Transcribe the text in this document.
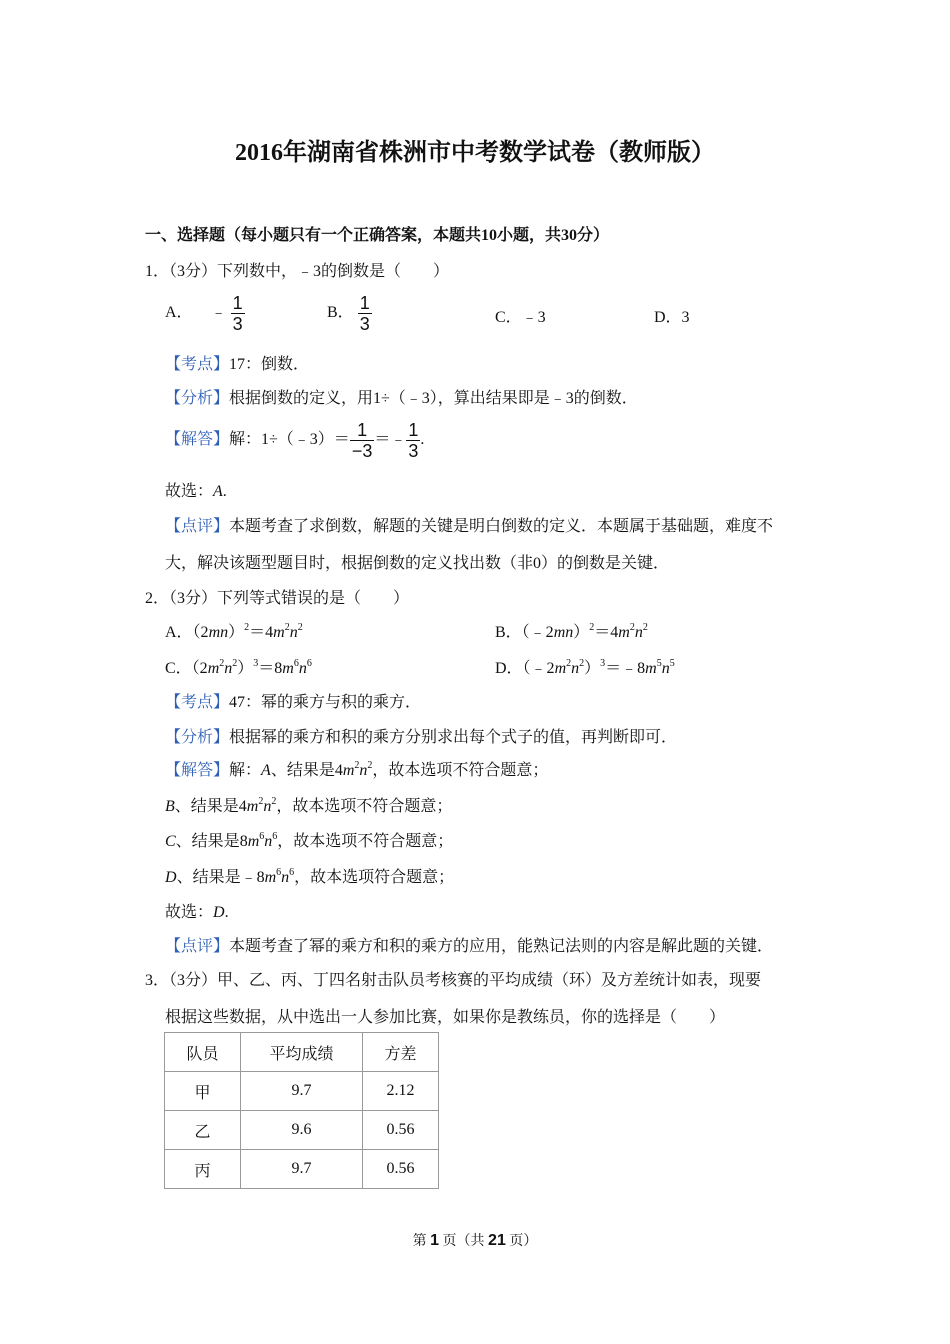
2016年湖南省株洲市中考数学试卷（教师版）
一、选择题（每小题只有一个正确答案，本题共10小题，共30分）
1．（3分）下列数中，﹣3的倒数是（　　）
A． ﹣ $\frac{1}{3}$	B． $\frac{1}{3}$	C．﹣3	D．3
【考点】17：倒数．
【分析】根据倒数的定义，用1÷（﹣3），算出结果即是﹣3的倒数．
【解答】解：1÷（﹣3）＝ $\frac{1}{-3}$ ＝﹣ $\frac{1}{3}$ .
故选：A.
【点评】本题考查了求倒数，解题的关键是明白倒数的定义．本题属于基础题，难度不
大，解决该题型题目时，根据倒数的定义找出数（非0）的倒数是关键．
2．（3分）下列等式错误的是（　　）
A．$(2mn)^2=4m^2n^2$	B．$(﹣2mn)^2=4m^2n^2$
C．$(2m^2n^2)^3=8m^6n^6$	D．$(﹣2m^2n^2)^3=﹣8m^5n^5$
【考点】47：幂的乘方与积的乘方．
【分析】根据幂的乘方和积的乘方分别求出每个式子的值，再判断即可．
【解答】解：A、结果是$4m^2n^2$，故本选项不符合题意；
B、结果是$4m^2n^2$，故本选项不符合题意；
C、结果是$8m^6n^6$，故本选项不符合题意；
D、结果是$﹣8m^6n^6$，故本选项符合题意；
故选：D.
【点评】本题考查了幂的乘方和积的乘方的应用，能熟记法则的内容是解此题的关键．
3．（3分）甲、乙、丙、丁四名射击队员考核赛的平均成绩（环）及方差统计如表，现要
根据这些数据，从中选出一人参加比赛，如果你是教练员，你的选择是（　　）
队员	平均成绩	方差
甲	9.7	2.12
乙	9.6	0.56
丙	9.7	0.56
第 1 页（共 21 页）
